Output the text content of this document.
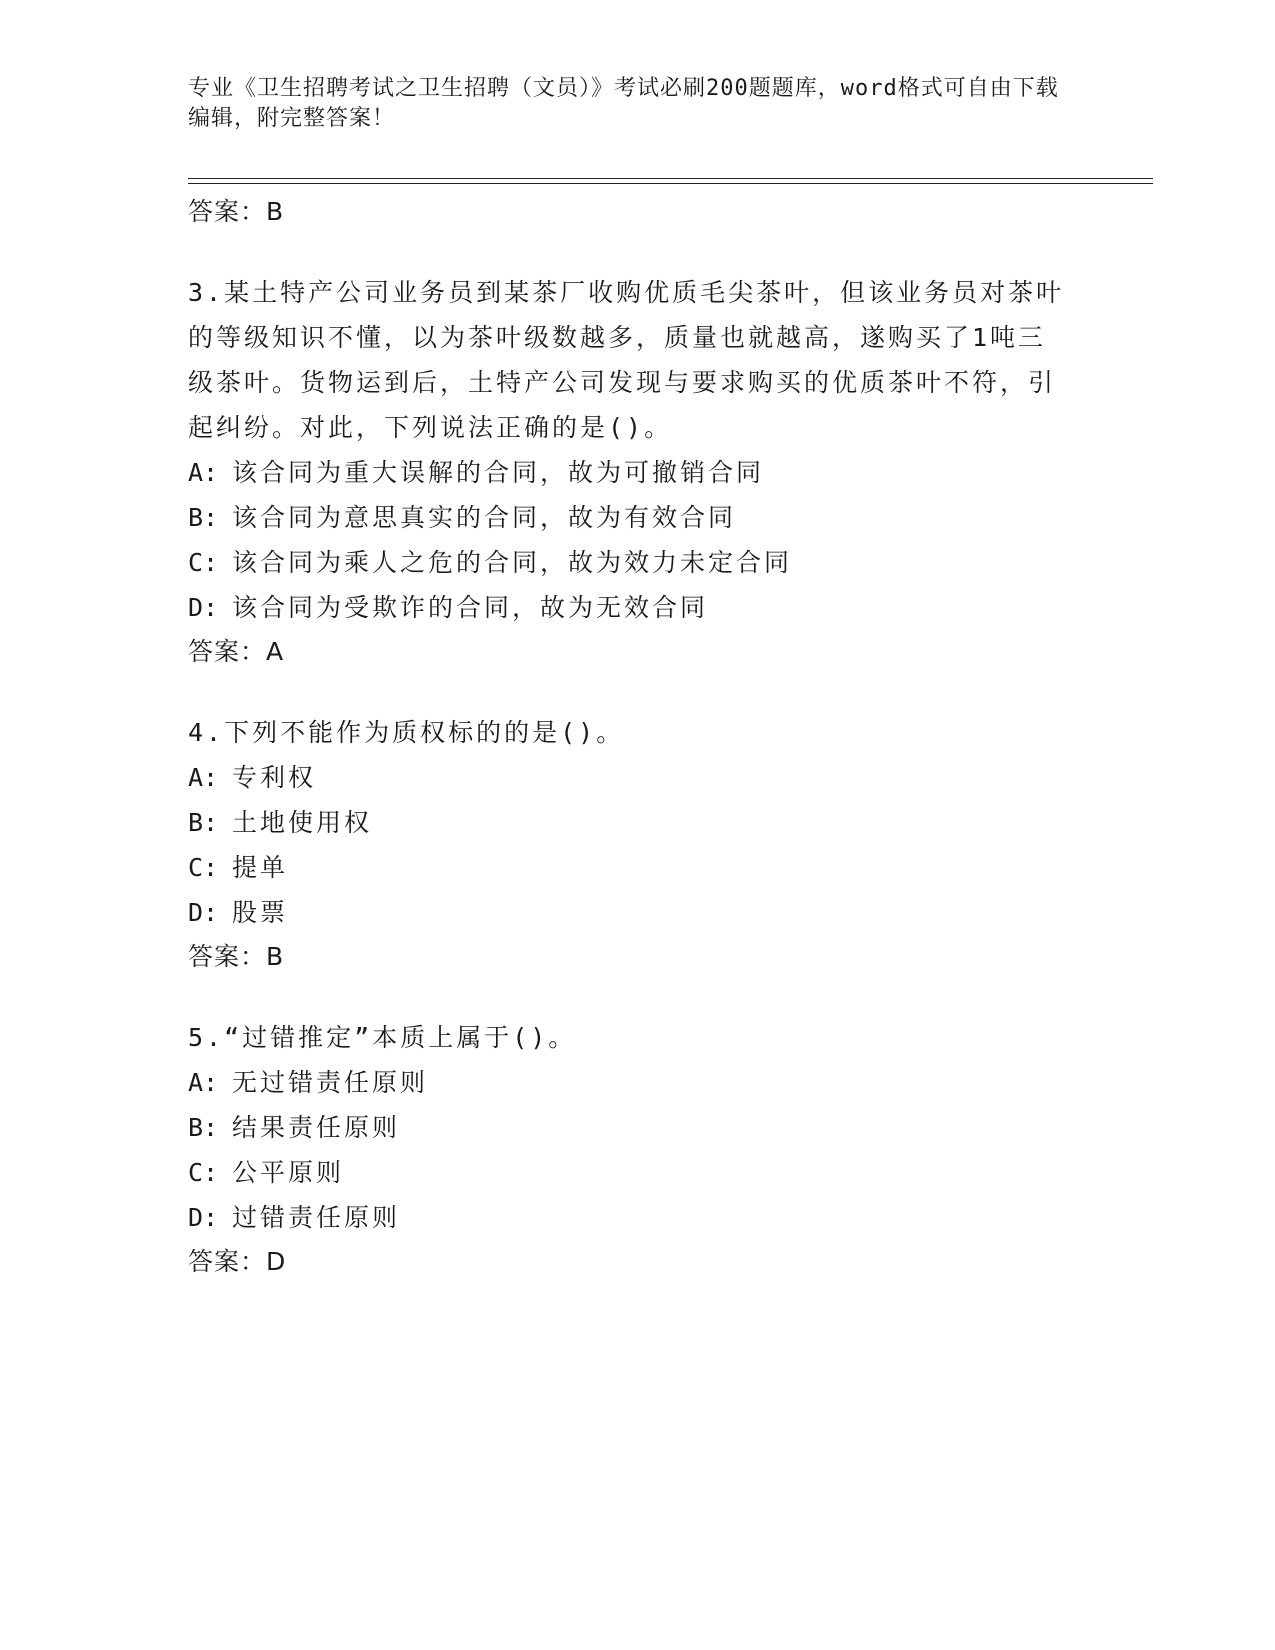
专业《卫生招聘考试之卫生招聘（文员）》考试必刷200题题库，word格式可自由下载编辑，附完整答案！
答案：B
3.某土特产公司业务员到某茶厂收购优质毛尖茶叶，但该业务员对茶叶的等级知识不懂，以为茶叶级数越多，质量也就越高，遂购买了1吨三级茶叶。货物运到后，土特产公司发现与要求购买的优质茶叶不符，引起纠纷。对此，下列说法正确的是()。
A: 该合同为重大误解的合同，故为可撤销合同
B: 该合同为意思真实的合同，故为有效合同
C: 该合同为乘人之危的合同，故为效力未定合同
D: 该合同为受欺诈的合同，故为无效合同
答案：A
4.下列不能作为质权标的的是()。
A: 专利权
B: 土地使用权
C: 提单
D: 股票
答案：B
5.“过错推定”本质上属于()。
A: 无过错责任原则
B: 结果责任原则
C: 公平原则
D: 过错责任原则
答案：D
